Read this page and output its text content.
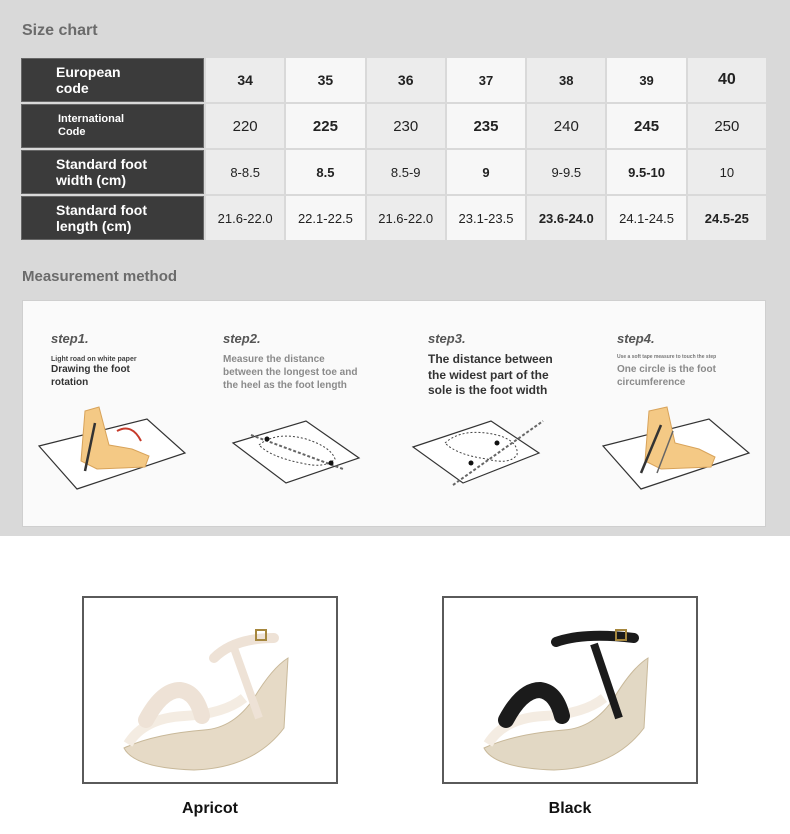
Size chart
European
code	34	35	36	37	38	39	40
International
Code	220	225	230	235	240	245	250
Standard foot
width (cm)	8-8.5	8.5	8.5-9	9	9-9.5	9.5-10	10
Standard foot
length (cm)	21.6-22.0	22.1-22.5	21.6-22.0	23.1-23.5	23.6-24.0	24.1-24.5	24.5-25
Measurement method
step1.
Light road on white paper
Drawing the foot
rotation
step2.
Measure the distance
between the longest toe and
the heel as the foot length
step3.
The distance between
the widest part of the
sole is the foot width
step4.
Use a soft tape measure to touch the step
One circle is the foot
circumference
Apricot	Black
